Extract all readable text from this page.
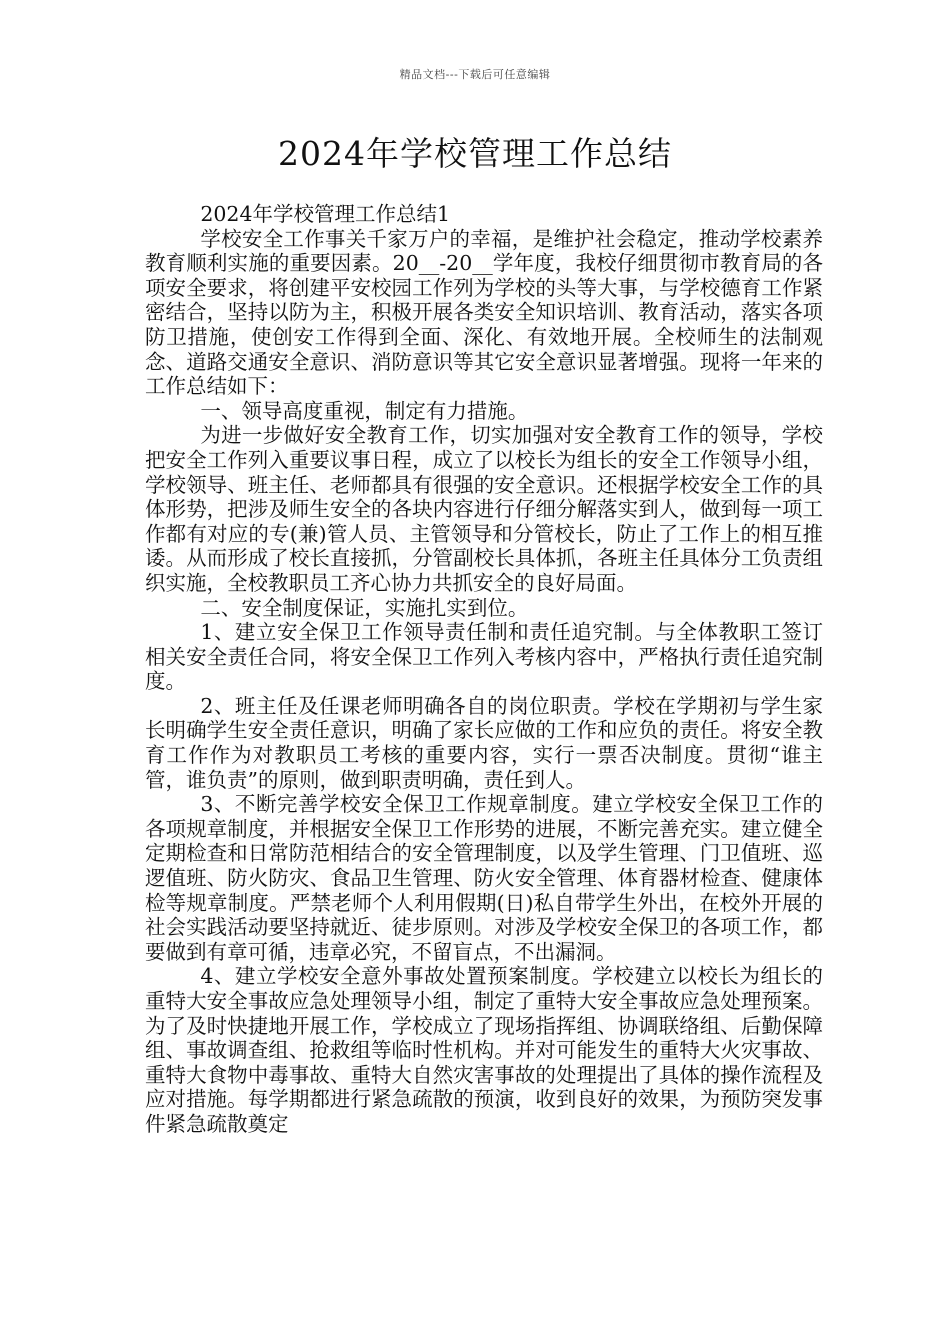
精品文档---下载后可任意编辑
2024年学校管理工作总结

2024年学校管理工作总结1

学校安全工作事关千家万户的幸福，是维护社会稳定，推动学校素养教育顺利实施的重要因素。20__-20__学年度，我校仔细贯彻市教育局的各项安全要求，将创建平安校园工作列为学校的头等大事，与学校德育工作紧密结合，坚持以防为主，积极开展各类安全知识培训、教育活动，落实各项防卫措施，使创安工作得到全面、深化、有效地开展。全校师生的法制观念、道路交通安全意识、消防意识等其它安全意识显著增强。现将一年来的工作总结如下：

一、领导高度重视，制定有力措施。

为进一步做好安全教育工作，切实加强对安全教育工作的领导，学校把安全工作列入重要议事日程，成立了以校长为组长的安全工作领导小组，学校领导、班主任、老师都具有很强的安全意识。还根据学校安全工作的具体形势，把涉及师生安全的各块内容进行仔细分解落实到人，做到每一项工作都有对应的专(兼)管人员、主管领导和分管校长，防止了工作上的相互推诿。从而形成了校长直接抓，分管副校长具体抓，各班主任具体分工负责组织实施，全校教职员工齐心协力共抓安全的良好局面。

二、安全制度保证，实施扎实到位。

1、建立安全保卫工作领导责任制和责任追究制。与全体教职工签订相关安全责任合同，将安全保卫工作列入考核内容中，严格执行责任追究制度。

2、班主任及任课老师明确各自的岗位职责。学校在学期初与学生家长明确学生安全责任意识，明确了家长应做的工作和应负的责任。将安全教育工作作为对教职员工考核的重要内容，实行一票否决制度。贯彻“谁主管，谁负责”的原则，做到职责明确，责任到人。

3、不断完善学校安全保卫工作规章制度。建立学校安全保卫工作的各项规章制度，并根据安全保卫工作形势的进展，不断完善充实。建立健全定期检查和日常防范相结合的安全管理制度，以及学生管理、门卫值班、巡逻值班、防火防灾、食品卫生管理、防火安全管理、体育器材检查、健康体检等规章制度。严禁老师个人利用假期(日)私自带学生外出，在校外开展的社会实践活动要坚持就近、徒步原则。对涉及学校安全保卫的各项工作，都要做到有章可循，违章必究，不留盲点，不出漏洞。

4、建立学校安全意外事故处置预案制度。学校建立以校长为组长的重特大安全事故应急处理领导小组，制定了重特大安全事故应急处理预案。为了及时快捷地开展工作，学校成立了现场指挥组、协调联络组、后勤保障组、事故调查组、抢救组等临时性机构。并对可能发生的重特大火灾事故、重特大食物中毒事故、重特大自然灾害事故的处理提出了具体的操作流程及应对措施。每学期都进行紧急疏散的预演，收到良好的效果，为预防突发事件紧急疏散奠定
